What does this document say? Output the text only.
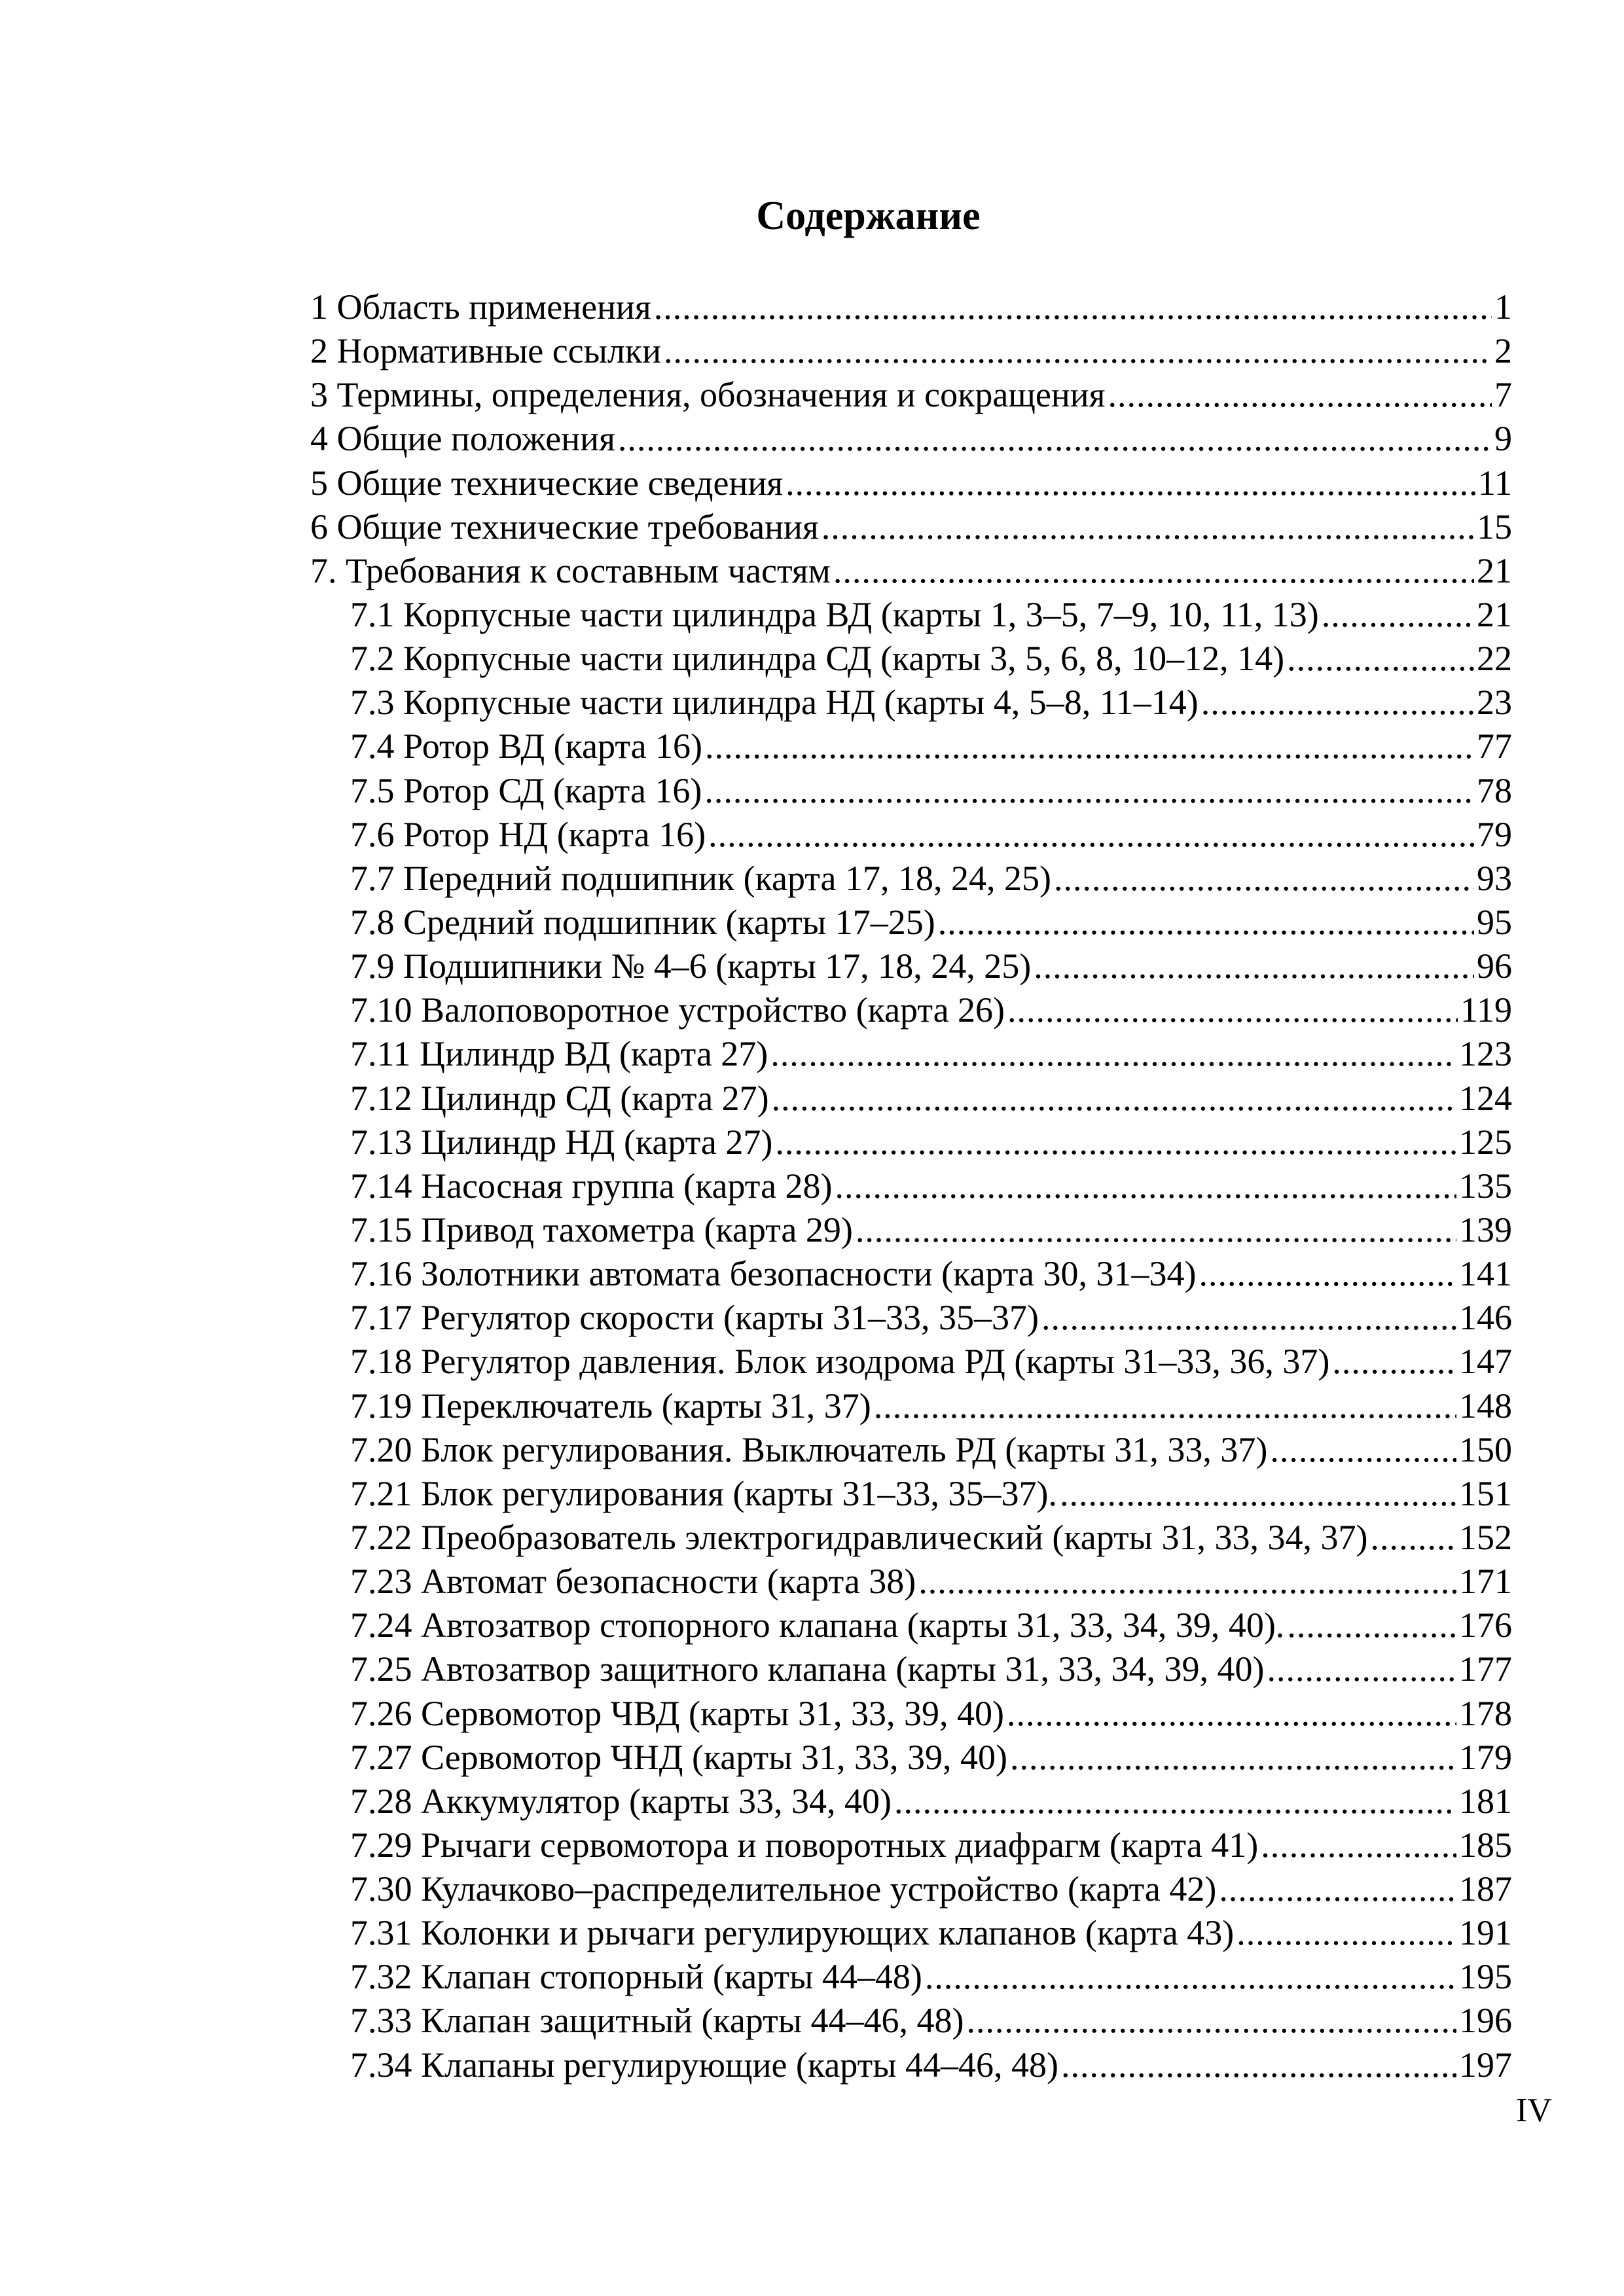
Содержание
1 Область применения .....	1
2 Нормативные ссылки .....	2
3 Термины, определения, обозначения и сокращения .....	7
4 Общие положения .....	9
5 Общие технические сведения .....	11
6 Общие технические требования .....	15
7. Требования к составным частям .....	21
7.1 Корпусные части цилиндра ВД (карты 1, 3–5, 7–9, 10, 11, 13) .....	21
7.2 Корпусные части цилиндра СД (карты 3, 5, 6, 8, 10–12, 14) .....	22
7.3 Корпусные части цилиндра НД (карты 4, 5–8, 11–14) .....	23
7.4 Ротор ВД (карта 16) .....	77
7.5 Ротор СД (карта 16) .....	78
7.6 Ротор НД (карта 16) .....	79
7.7 Передний подшипник (карта 17, 18, 24, 25) .....	93
7.8 Средний подшипник (карты 17–25) .....	95
7.9 Подшипники № 4–6 (карты 17, 18, 24, 25) .....	96
7.10 Валоповоротное устройство (карта 26) .....	119
7.11 Цилиндр ВД (карта 27) .....	123
7.12 Цилиндр СД (карта 27) .....	124
7.13 Цилиндр НД (карта 27) .....	125
7.14 Насосная группа (карта 28) .....	135
7.15 Привод тахометра (карта 29) .....	139
7.16 Золотники автомата безопасности (карта 30, 31–34) .....	141
7.17 Регулятор скорости (карты 31–33, 35–37) .....	146
7.18 Регулятор давления. Блок изодрома РД (карты 31–33, 36, 37) .....	147
7.19 Переключатель (карты 31, 37) .....	148
7.20 Блок регулирования. Выключатель РД (карты 31, 33, 37) .....	150
7.21 Блок регулирования (карты 31–33, 35–37). .....	151
7.22 Преобразователь электрогидравлический (карты 31, 33, 34, 37) .....	152
7.23 Автомат безопасности (карта 38) .....	171
7.24 Автозатвор стопорного клапана (карты 31, 33, 34, 39, 40). .....	176
7.25 Автозатвор защитного клапана (карты 31, 33, 34, 39, 40) .....	177
7.26 Сервомотор ЧВД (карты 31, 33, 39, 40) .....	178
7.27 Сервомотор ЧНД (карты 31, 33, 39, 40) .....	179
7.28 Аккумулятор (карты 33, 34, 40) .....	181
7.29 Рычаги сервомотора и поворотных диафрагм (карта 41) .....	185
7.30 Кулачково–распределительное устройство (карта 42) .....	187
7.31 Колонки и рычаги регулирующих клапанов (карта 43) .....	191
7.32 Клапан стопорный (карты 44–48) .....	195
7.33 Клапан защитный (карты 44–46, 48) .....	196
7.34 Клапаны регулирующие (карты 44–46, 48) .....	197
IV
